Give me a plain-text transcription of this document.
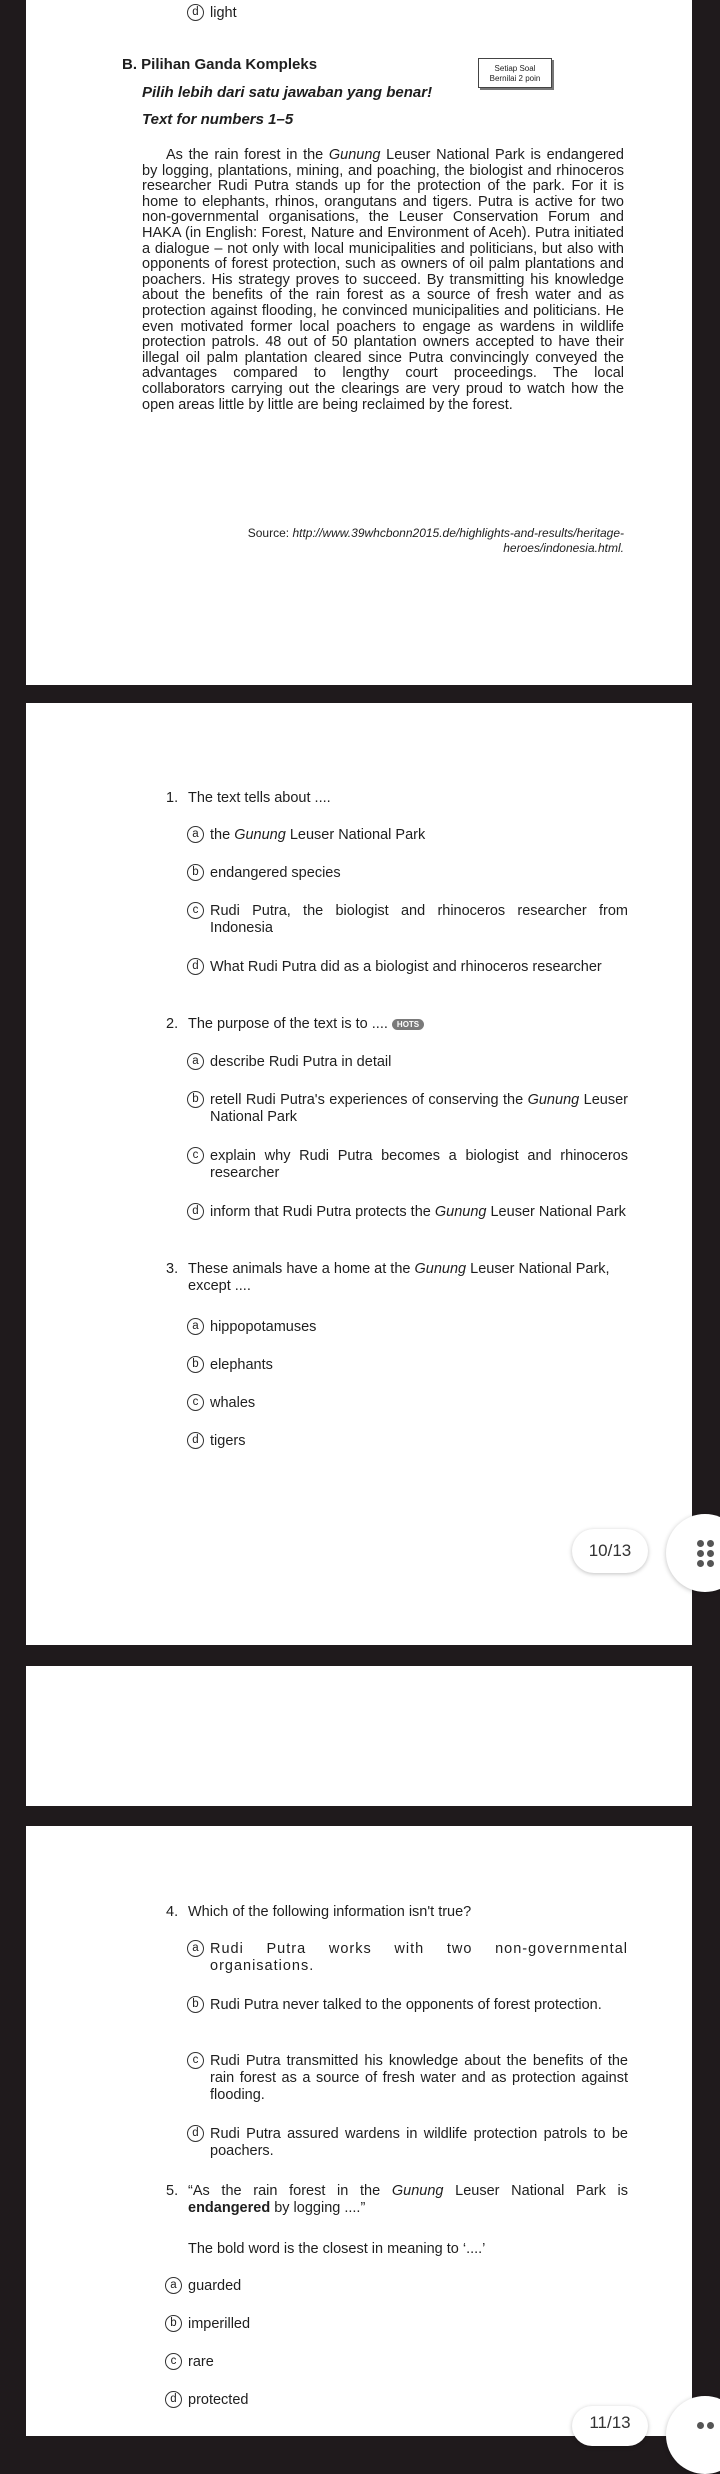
d light
B. Pilihan Ganda Kompleks
Pilih lebih dari satu jawaban yang benar!
Setiap Soal
Bernilai 2 poin
Text for numbers 1–5
As the rain forest in the Gunung Leuser National Park is endangered by logging, plantations, mining, and poaching, the biologist and rhinoceros researcher Rudi Putra stands up for the protection of the park. For it is home to elephants, rhinos, orangutans and tigers. Putra is active for two non-governmental organisations, the Leuser Conservation Forum and HAKA (in English: Forest, Nature and Environment of Aceh). Putra initiated a dialogue – not only with local municipalities and politicians, but also with opponents of forest protection, such as owners of oil palm plantations and poachers. His strategy proves to succeed. By transmitting his knowledge about the benefits of the rain forest as a source of fresh water and as protection against flooding, he convinced municipalities and politicians. He even motivated former local poachers to engage as wardens in wildlife protection patrols. 48 out of 50 plantation owners accepted to have their illegal oil palm plantation cleared since Putra convincingly conveyed the advantages compared to lengthy court proceedings. The local collaborators carrying out the clearings are very proud to watch how the open areas little by little are being reclaimed by the forest.
Source: http://www.39whcbonn2015.de/highlights-and-results/heritage-heroes/indonesia.html.
1. The text tells about ....
a the Gunung Leuser National Park
b endangered species
c Rudi Putra, the biologist and rhinoceros researcher from Indonesia
d What Rudi Putra did as a biologist and rhinoceros researcher
2. The purpose of the text is to .... HOTS
a describe Rudi Putra in detail
b retell Rudi Putra's experiences of conserving the Gunung Leuser National Park
c explain why Rudi Putra becomes a biologist and rhinoceros researcher
d inform that Rudi Putra protects the Gunung Leuser National Park
3. These animals have a home at the Gunung Leuser National Park, except ....
a hippopotamuses
b elephants
c whales
d tigers
10/13
4. Which of the following information isn't true?
a Rudi Putra works with two non-governmental organisations.
b Rudi Putra never talked to the opponents of forest protection.
c Rudi Putra transmitted his knowledge about the benefits of the rain forest as a source of fresh water and as protection against flooding.
d Rudi Putra assured wardens in wildlife protection patrols to be poachers.
5. “As the rain forest in the Gunung Leuser National Park is endangered by logging ....”
The bold word is the closest in meaning to ‘....’
a guarded
b imperilled
c rare
d protected
11/13
